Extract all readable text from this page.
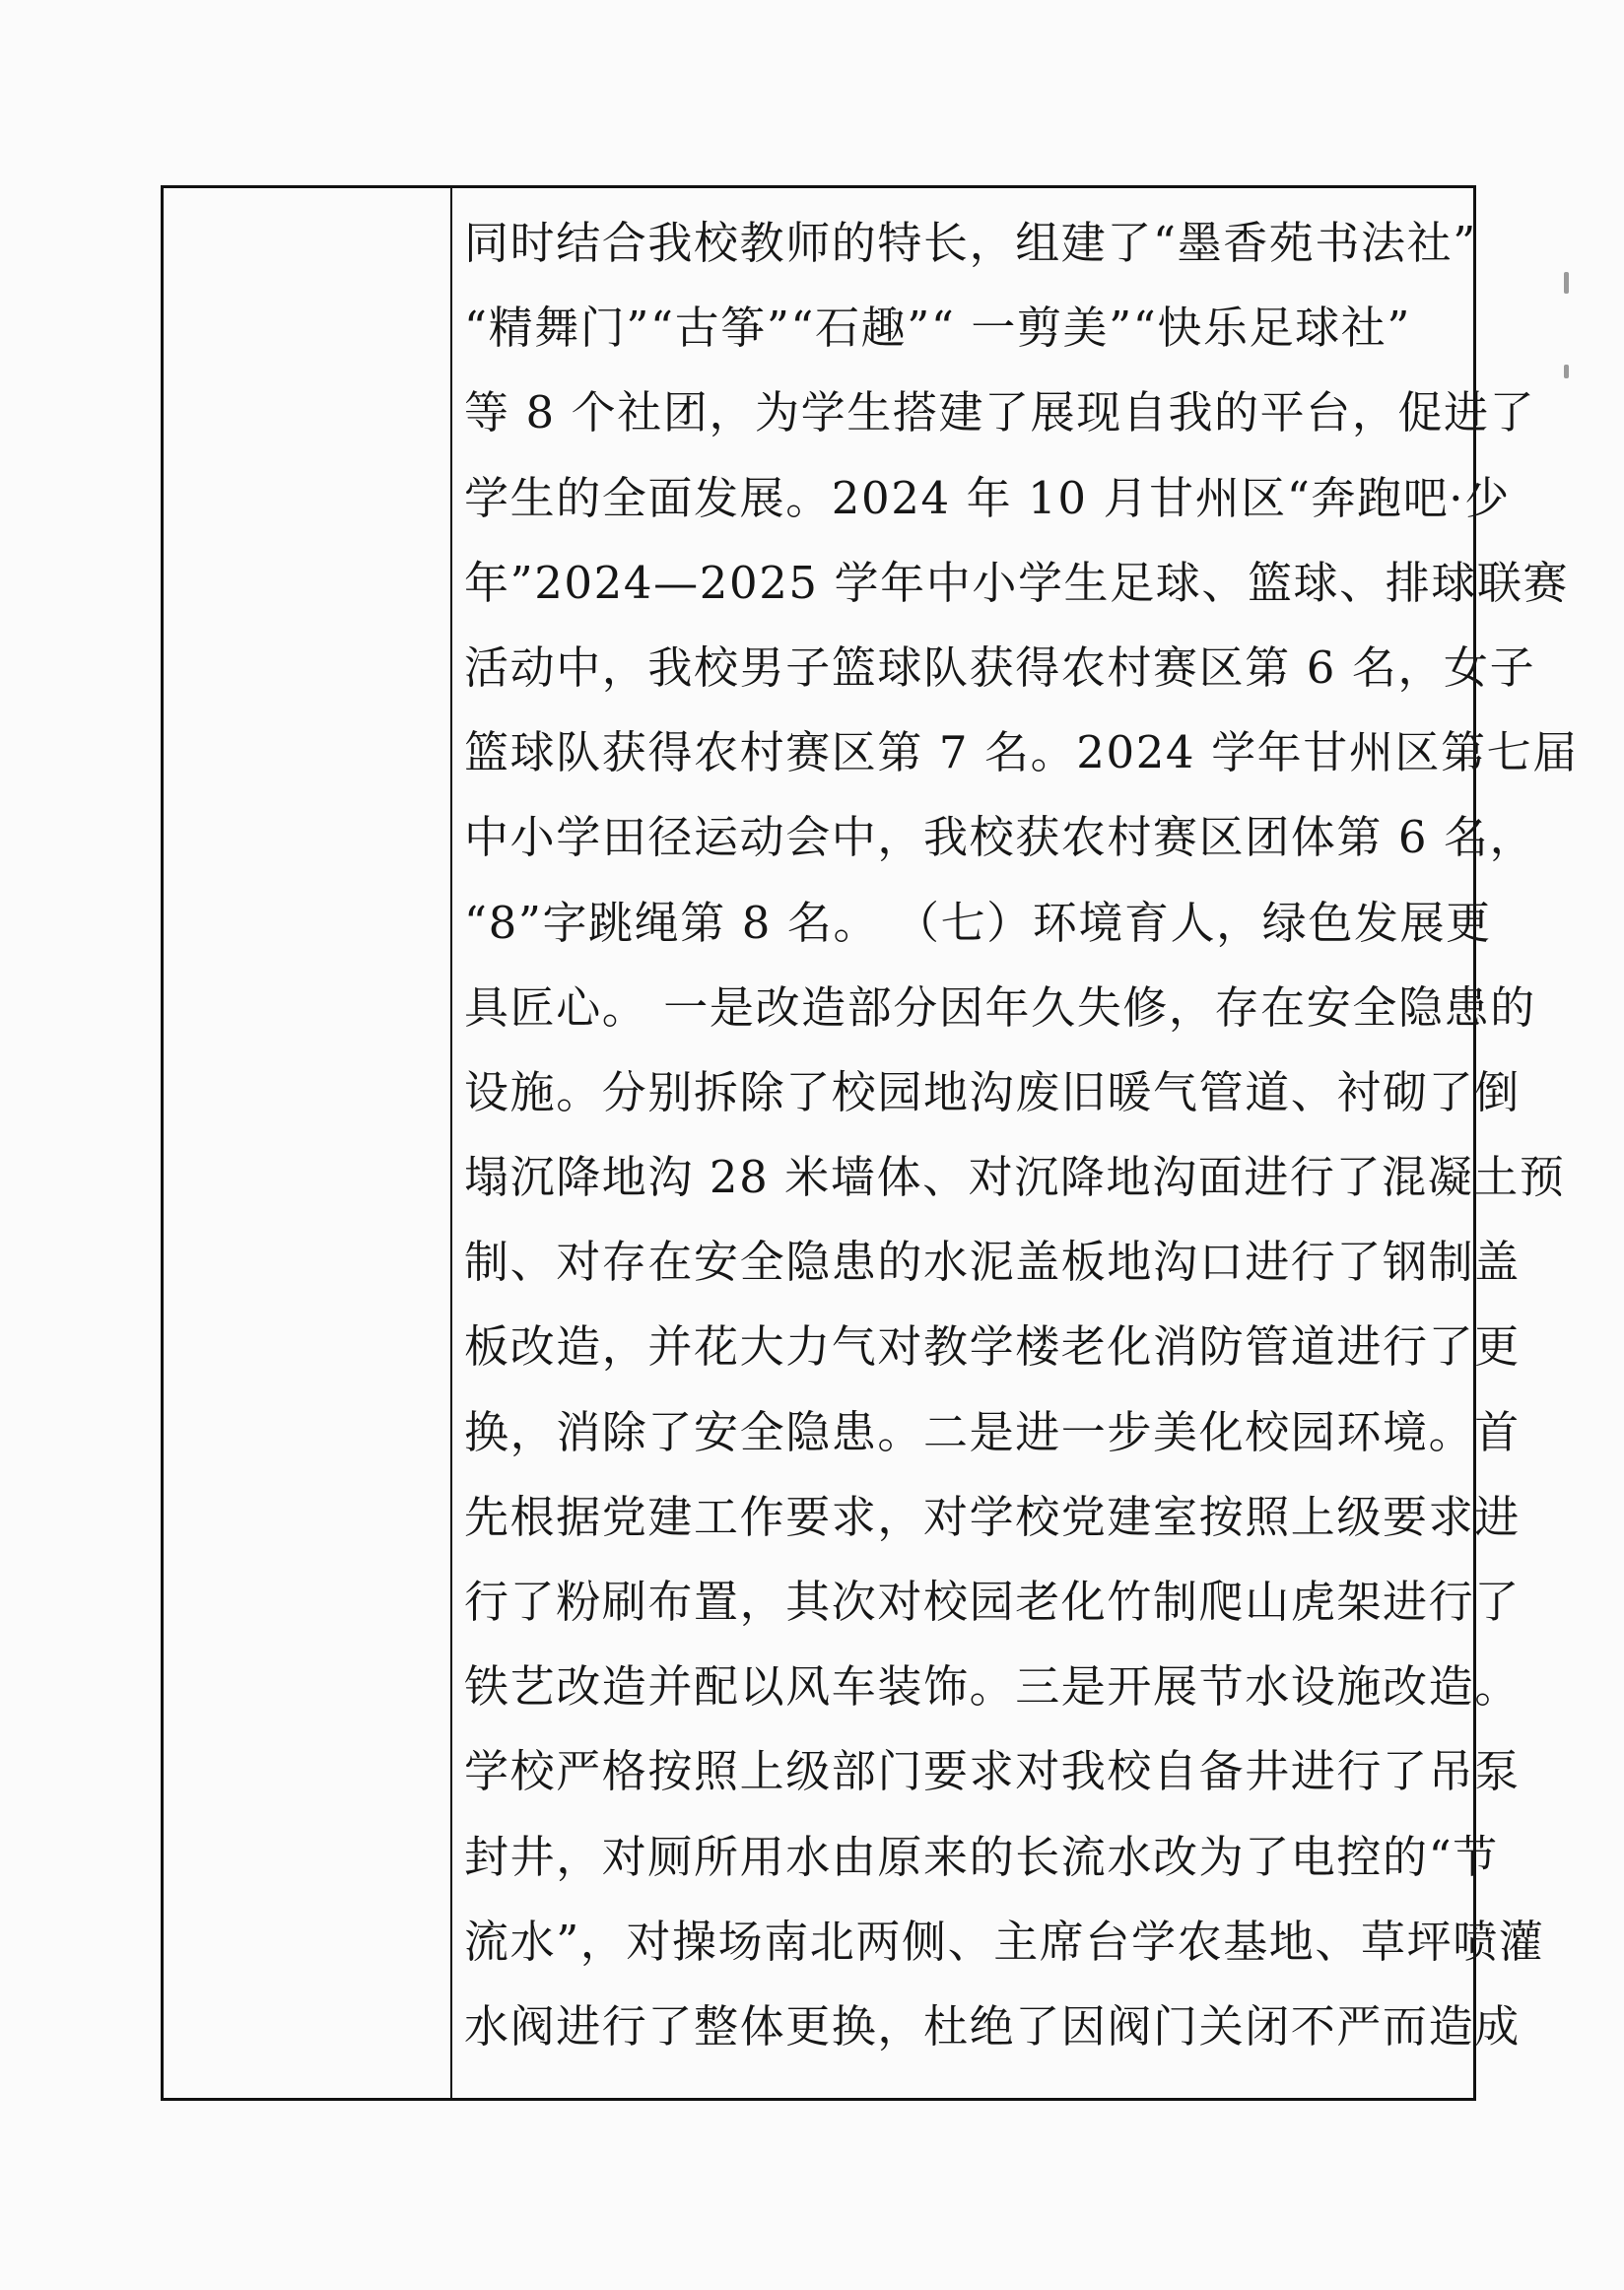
同时结合我校教师的特长，组建了“墨香苑书法社”
“精舞门”“古筝”“石趣”“ 一剪美”“快乐足球社”
等 8 个社团，为学生搭建了展现自我的平台，促进了
学生的全面发展。2024 年 10 月甘州区“奔跑吧·少
年”2024—2025 学年中小学生足球、篮球、排球联赛
活动中，我校男子篮球队获得农村赛区第 6 名，女子
篮球队获得农村赛区第 7 名。2024 学年甘州区第七届
中小学田径运动会中，我校获农村赛区团体第 6 名，
“8”字跳绳第 8 名。 （七）环境育人，绿色发展更
具匠心。 一是改造部分因年久失修，存在安全隐患的
设施。分别拆除了校园地沟废旧暖气管道、衬砌了倒
塌沉降地沟 28 米墙体、对沉降地沟面进行了混凝土预
制、对存在安全隐患的水泥盖板地沟口进行了钢制盖
板改造，并花大力气对教学楼老化消防管道进行了更
换，消除了安全隐患。二是进一步美化校园环境。首
先根据党建工作要求，对学校党建室按照上级要求进
行了粉刷布置，其次对校园老化竹制爬山虎架进行了
铁艺改造并配以风车装饰。三是开展节水设施改造。
学校严格按照上级部门要求对我校自备井进行了吊泵
封井，对厕所用水由原来的长流水改为了电控的“节
流水”，对操场南北两侧、主席台学农基地、草坪喷灌
水阀进行了整体更换，杜绝了因阀门关闭不严而造成
